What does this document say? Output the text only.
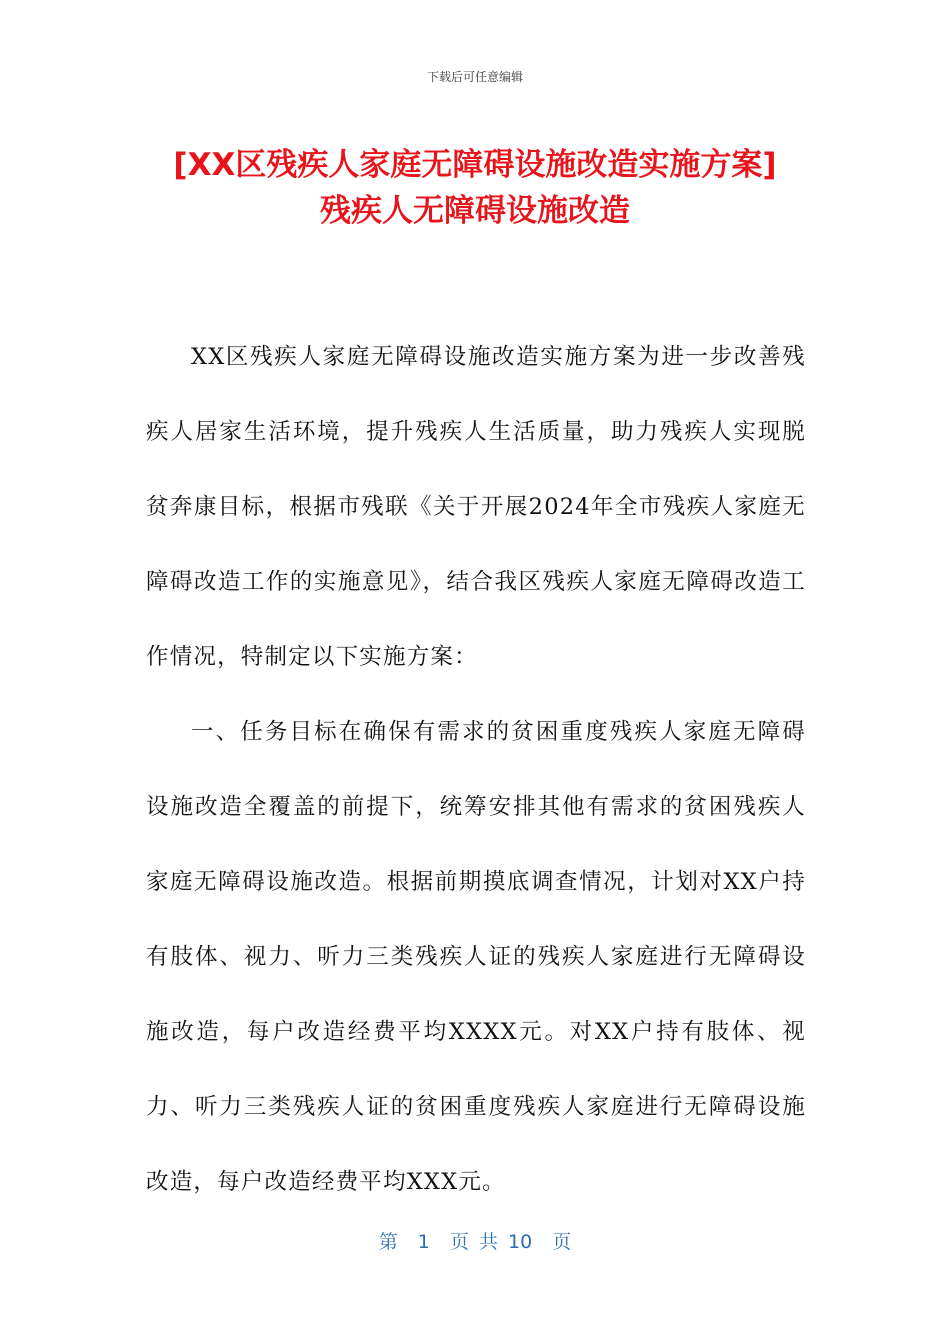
下载后可任意编辑
[XX区残疾人家庭无障碍设施改造实施方案]
残疾人无障碍设施改造

XX区残疾人家庭无障碍设施改造实施方案为进一步改善残疾人居家生活环境，提升残疾人生活质量，助力残疾人实现脱贫奔康目标，根据市残联《关于开展2024年全市残疾人家庭无障碍改造工作的实施意见》，结合我区残疾人家庭无障碍改造工作情况，特制定以下实施方案：

一、任务目标在确保有需求的贫困重度残疾人家庭无障碍设施改造全覆盖的前提下，统筹安排其他有需求的贫困残疾人家庭无障碍设施改造。根据前期摸底调查情况，计划对XX户持有肢体、视力、听力三类残疾人证的残疾人家庭进行无障碍设施改造，每户改造经费平均XXXX元。对XX户持有肢体、视力、听力三类残疾人证的贫困重度残疾人家庭进行无障碍设施改造，每户改造经费平均XXX元。

第  1  页 共 10  页
